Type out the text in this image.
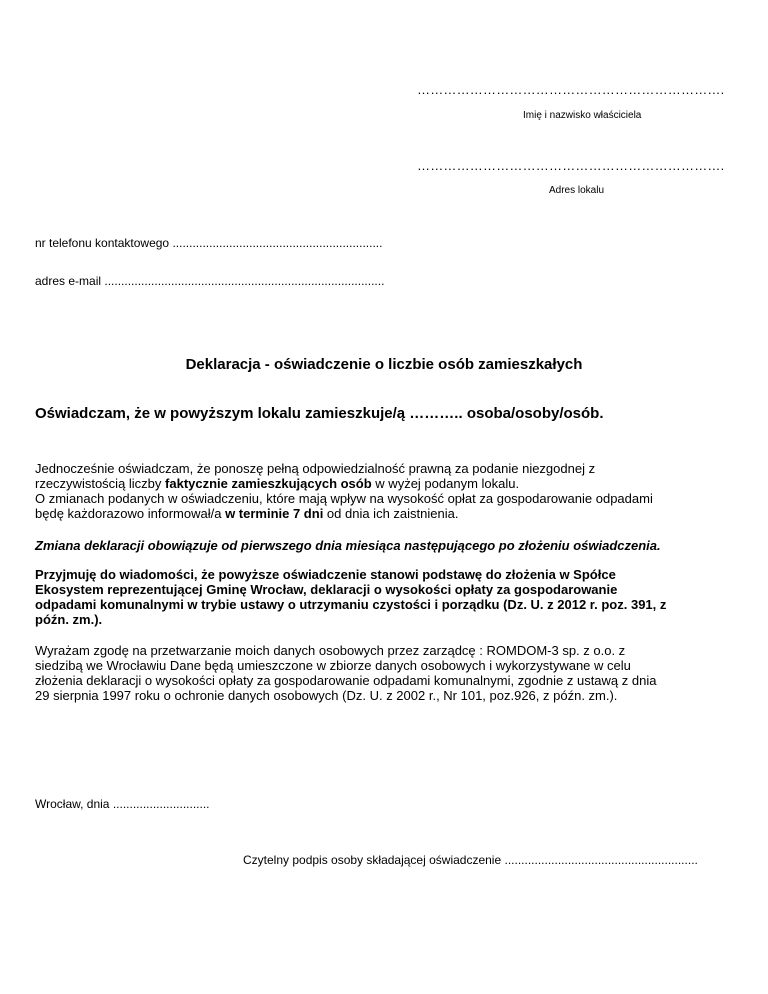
…………………………………………………………….
Imię i nazwisko właściciela
…………………………………………………………….
Adres lokalu
nr telefonu kontaktowego ...............................................................
adres e-mail ....................................................................................
Deklaracja - oświadczenie o liczbie osób zamieszkałych
Oświadczam, że w powyższym lokalu zamieszkuje/ą ……….. osoba/osoby/osób.
Jednocześnie oświadczam, że ponoszę pełną odpowiedzialność prawną za podanie niezgodnej z
rzeczywistością liczby faktycznie zamieszkujących osób w wyżej podanym lokalu.
O zmianach podanych w oświadczeniu, które mają wpływ na wysokość opłat za gospodarowanie odpadami
będę każdorazowo informował/a w terminie 7 dni od dnia ich zaistnienia.
Zmiana deklaracji obowiązuje od pierwszego dnia miesiąca następującego po złożeniu oświadczenia.
Przyjmuję do wiadomości, że powyższe oświadczenie stanowi podstawę do złożenia w Spółce
Ekosystem reprezentującej Gminę Wrocław, deklaracji o wysokości opłaty za gospodarowanie
odpadami komunalnymi w trybie ustawy o utrzymaniu czystości i porządku (Dz. U. z 2012 r. poz. 391, z
późn. zm.).
Wyrażam zgodę na przetwarzanie moich danych osobowych przez zarządcę : ROMDOM-3 sp. z o.o. z
siedzibą we Wrocławiu Dane będą umieszczone w zbiorze danych osobowych i wykorzystywane w celu
złożenia deklaracji o wysokości opłaty za gospodarowanie odpadami komunalnymi, zgodnie z ustawą z dnia
29 sierpnia 1997 roku o ochronie danych osobowych (Dz. U. z 2002 r., Nr 101, poz.926, z późn. zm.).
Wrocław, dnia .............................
Czytelny podpis osoby składającej oświadczenie ..........................................................
